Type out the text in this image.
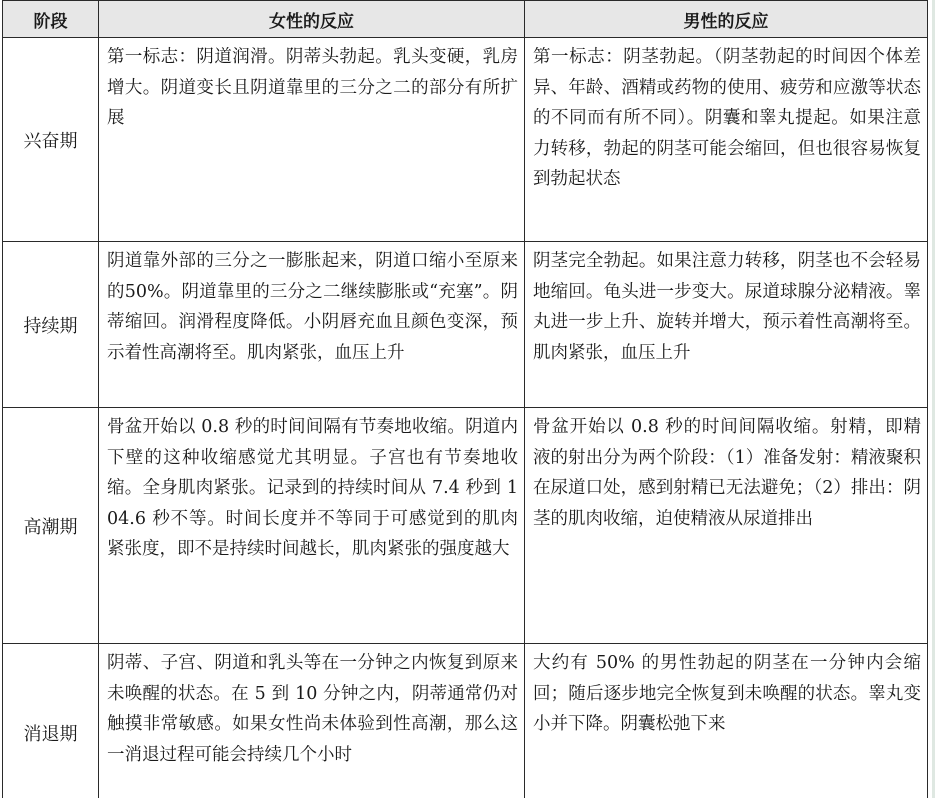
阶段	女性的反应	男性的反应
兴奋期	第一标志：阴道润滑。阴蒂头勃起。乳头变硬，乳房增大。阴道变长且阴道靠里的三分之二的部分有所扩展	第一标志：阴茎勃起。（阴茎勃起的时间因个体差异、年龄、酒精或药物的使用、疲劳和应激等状态的不同而有所不同）。阴囊和睾丸提起。如果注意力转移，勃起的阴茎可能会缩回，但也很容易恢复到勃起状态
持续期	阴道靠外部的三分之一膨胀起来，阴道口缩小至原来的50%。阴道靠里的三分之二继续膨胀或“充塞”。阴蒂缩回。润滑程度降低。小阴唇充血且颜色变深，预示着性高潮将至。肌肉紧张，血压上升	阴茎完全勃起。如果注意力转移，阴茎也不会轻易地缩回。龟头进一步变大。尿道球腺分泌精液。睾丸进一步上升、旋转并增大，预示着性高潮将至。肌肉紧张，血压上升
高潮期	骨盆开始以 0.8 秒的时间间隔有节奏地收缩。阴道内下壁的这种收缩感觉尤其明显。子宫也有节奏地收缩。全身肌肉紧张。记录到的持续时间从 7.4 秒到 104.6 秒不等。时间长度并不等同于可感觉到的肌肉紧张度，即不是持续时间越长，肌肉紧张的强度越大	骨盆开始以 0.8 秒的时间间隔收缩。射精，即精液的射出分为两个阶段：（1）准备发射：精液聚积在尿道口处，感到射精已无法避免；（2）排出：阴茎的肌肉收缩，迫使精液从尿道排出
消退期	阴蒂、子宫、阴道和乳头等在一分钟之内恢复到原来未唤醒的状态。在 5 到 10 分钟之内，阴蒂通常仍对触摸非常敏感。如果女性尚未体验到性高潮，那么这一消退过程可能会持续几个小时	大约有 50% 的男性勃起的阴茎在一分钟内会缩回；随后逐步地完全恢复到未唤醒的状态。睾丸变小并下降。阴囊松弛下来
